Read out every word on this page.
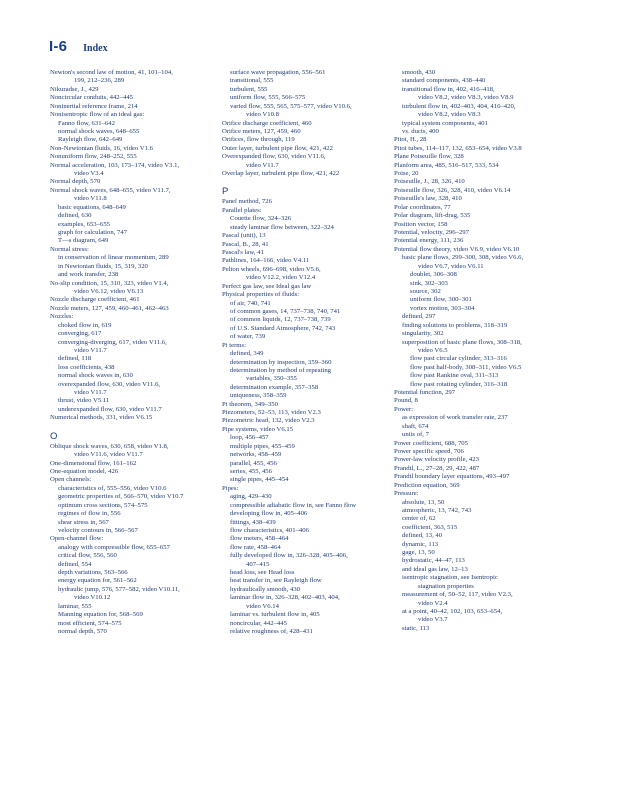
I-6 Index
Newton's second law of motion, 41, 101–104,
199, 212–236, 289
Nikuradse, J., 429
Noncircular conduits, 442–445
Noninertial reference frame, 214
Nonisentropic flow of an ideal gas:
Fanno flow, 631–642
normal shock waves, 648–655
Rayleigh flow, 642–649
Non-Newtonian fluids, 16, video V1.6
Nonuniform flow, 248–252, 555
Normal acceleration, 103, 173–174, video V3.1,
video V3.4
Normal depth, 570
Normal shock waves, 648–655, video V11.7,
video V11.8
basic equations, 648–649
defined, 630
examples, 653–655
graph for calculation, 747
T—s diagram, 649
Normal stress:
in conservation of linear momentum, 289
in Newtonian fluids, 15, 319, 320
and work transfer, 238
No-slip condition, 15, 310, 323, video V1.4,
video V6.12, video V6.13
Nozzle discharge coefficient, 461
Nozzle meters, 127, 459, 460–461, 462–463
Nozzles:
choked flow in, 619
converging, 617
converging-diverging, 617, video V11.6,
video V11.7
defined, 118
loss coefficients, 438
normal shock waves in, 630
overexpanded flow, 630, video V11.6,
video V11.7
thrust, video V5.11
underexpanded flow, 630, video V11.7
Numerical methods, 331, video V6.15
O
Oblique shock waves, 630, 658, video V1.8,
video V11.6, video V11.7
One-dimensional flow, 161–162
One-equation model, 426
Open channels:
characteristics of, 555–556, video V10.6
geometric properties of, 566–570, video V10.7
optimum cross sections, 574–575
regimes of flow in, 556
shear stress in, 567
velocity contours in, 566–567
Open-channel flow:
analogy with compressible flow, 655–657
critical flow, 556, 560
defined, 554
depth variations, 563–566
energy equation for, 561–562
hydraulic jump, 576, 577–582, video V10.11,
video V10.12
laminar, 555
Manning equation for, 568–569
most efficient, 574–575
normal depth, 570
surface wave propagation, 556–561
transitional, 555
turbulent, 555
uniform flow, 555, 566–575
varied flow, 555, 565, 575–577, video V10.6,
video V10.8
Orifice discharge coefficient, 460
Orifice meters, 127, 459, 460
Orifices, flow through, 119
Outer layer, turbulent pipe flow, 421, 422
Overexpanded flow, 630, video V11.6,
video V11.7
Overlap layer, turbulent pipe flow, 421, 422
P
Panel method, 726
Parallel plates:
Couette flow, 324–326
steady laminar flow between, 322–324
Pascal (unit), 13
Pascal, B., 28, 41
Pascal's law, 41
Pathlines, 164–166, video V4.11
Pelton wheels, 696–698, video V5.6,
video V12.2, video V12.4
Perfect gas law, see Ideal gas law
Physical properties of fluids:
of air, 740, 741
of common gases, 14, 737–738, 740, 741
of common liquids, 12, 737–738, 739
of U.S. Standard Atmosphere, 742, 743
of water, 739
Pi terms:
defined, 349
determination by inspection, 359–360
determination by method of repeating
variables, 350–355
determination example, 357–358
uniqueness, 358–359
Pi theorem, 349–350
Piezometers, 52–53, 113, video V2.3
Piezometric head, 132, video V2.3
Pipe systems, video V6.15
loop, 456–457
multiple pipes, 455–459
networks, 458–459
parallel, 455, 456
series, 455, 456
single pipes, 445–454
Pipes:
aging, 429–430
compressible adiabatic flow in, see Fanno flow
developing flow in, 405–406
fittings, 438–439
flow characteristics, 401–406
flow meters, 458–464
flow rate, 458–464
fully developed flow in, 326–328, 405–406,
407–415
head loss, see Head loss
heat transfer in, see Rayleigh flow
hydraulically smooth, 430
laminar flow in, 326–328, 402–403, 404,
video V6.14
laminar vs. turbulent flow in, 405
noncircular, 442–445
relative roughness of, 428–431
smooth, 430
standard components, 438–440
transitional flow in, 402, 416–418,
video V8.2, video V8.3, video V8.9
turbulent flow in, 402–403, 404, 416–420,
video V8.2, video V8.3
typical system components, 401
vs. ducts, 400
Pitot, H., 28
Pitot tubes, 114–117, 132, 653–654, video V3.8
Plane Poiseuille flow, 328
Planform area, 485, 516–517, 533, 534
Poise, 20
Poiseuille, J., 28, 326, 410
Poiseuille flow, 326, 328, 410, video V6.14
Poiseuille's law, 328, 410
Polar coordinates, 77
Polar diagram, lift-drag, 535
Position vector, 158
Potential, velocity, 296–297
Potential energy, 111, 236
Potential flow theory, video V6.9, video V6.10
basic plane flows, 299–300, 308, video V6.6,
video V6.7, video V6.11
doublet, 306–308
sink, 302–303
source, 302
uniform flow, 300–301
vortex motion, 303–304
defined, 297
finding solutions to problems, 318–319
singularity, 302
superposition of basic plane flows, 308–318,
video V6.5
flow past circular cylinder, 313–316
flow past half-body, 308–311, video V6.5
flow past Rankine oval, 311–313
flow past rotating cylinder, 316–318
Potential function, 297
Pound, 8
Power:
as expression of work transfer rate, 237
shaft, 674
units of, 7
Power coefficient, 688, 705
Power specific speed, 706
Power-law velocity profile, 423
Prandtl, L., 27–28, 29, 422, 487
Prandtl boundary layer equations, 493–497
Prediction equation, 369
Pressure:
absolute, 13, 50
atmospheric, 13, 742, 743
center of, 62
coefficient, 363, 515
defined, 13, 40
dynamic, 113
gage, 13, 50
hydrostatic, 44–47, 113
and ideal gas law, 12–13
isentropic stagnation, see Isentropic
stagnation properties
measurement of, 50–52, 117, video V2.3,
video V2.4
at a point, 40–42, 102, 103, 653–654,
video V3.7
static, 113
